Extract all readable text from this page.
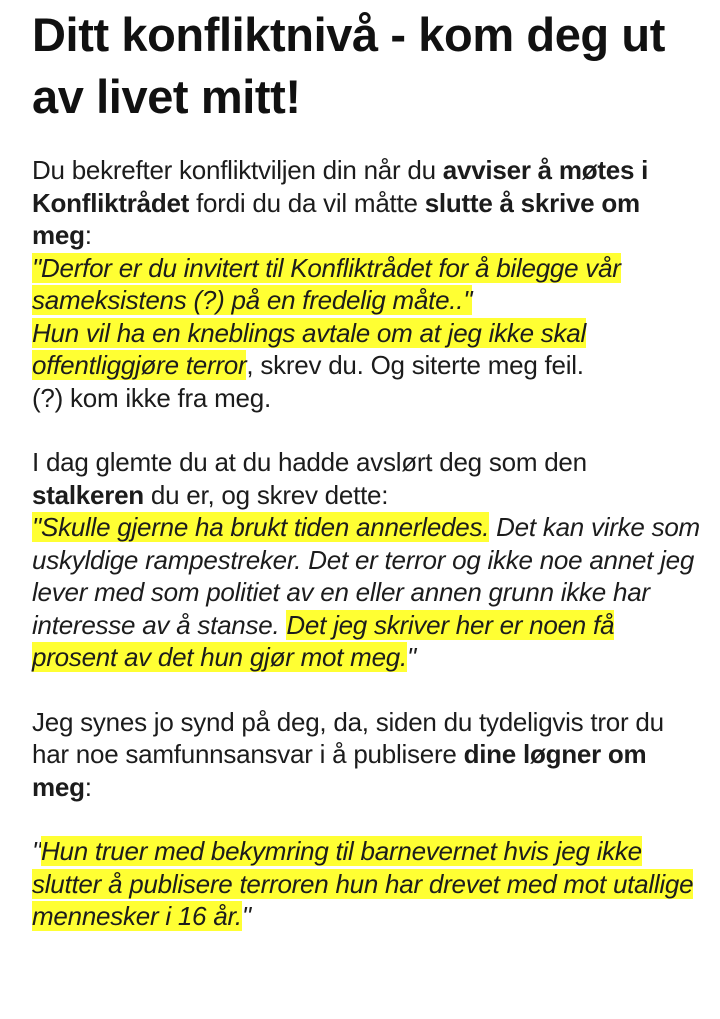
Ditt konfliktnivå - kom deg ut av livet mitt!

Du bekrefter konfliktviljen din når du avviser å møtes i Konfliktrådet fordi du da vil måtte slutte å skrive om meg:
"Derfor er du invitert til Konfliktrådet for å bilegge vår sameksistens (?) på en fredelig måte.."
Hun vil ha en kneblings avtale om at jeg ikke skal offentliggjøre terror, skrev du. Og siterte meg feil.
(?) kom ikke fra meg.

I dag glemte du at du hadde avslørt deg som den stalkeren du er, og skrev dette:
"Skulle gjerne ha brukt tiden annerledes. Det kan virke som uskyldige rampestreker. Det er terror og ikke noe annet jeg lever med som politiet av en eller annen grunn ikke har interesse av å stanse. Det jeg skriver her er noen få prosent av det hun gjør mot meg."

Jeg synes jo synd på deg, da, siden du tydeligvis tror du har noe samfunnsansvar i å publisere dine løgner om meg:

"Hun truer med bekymring til barnevernet hvis jeg ikke slutter å publisere terroren hun har drevet med mot utallige mennesker i 16 år."
